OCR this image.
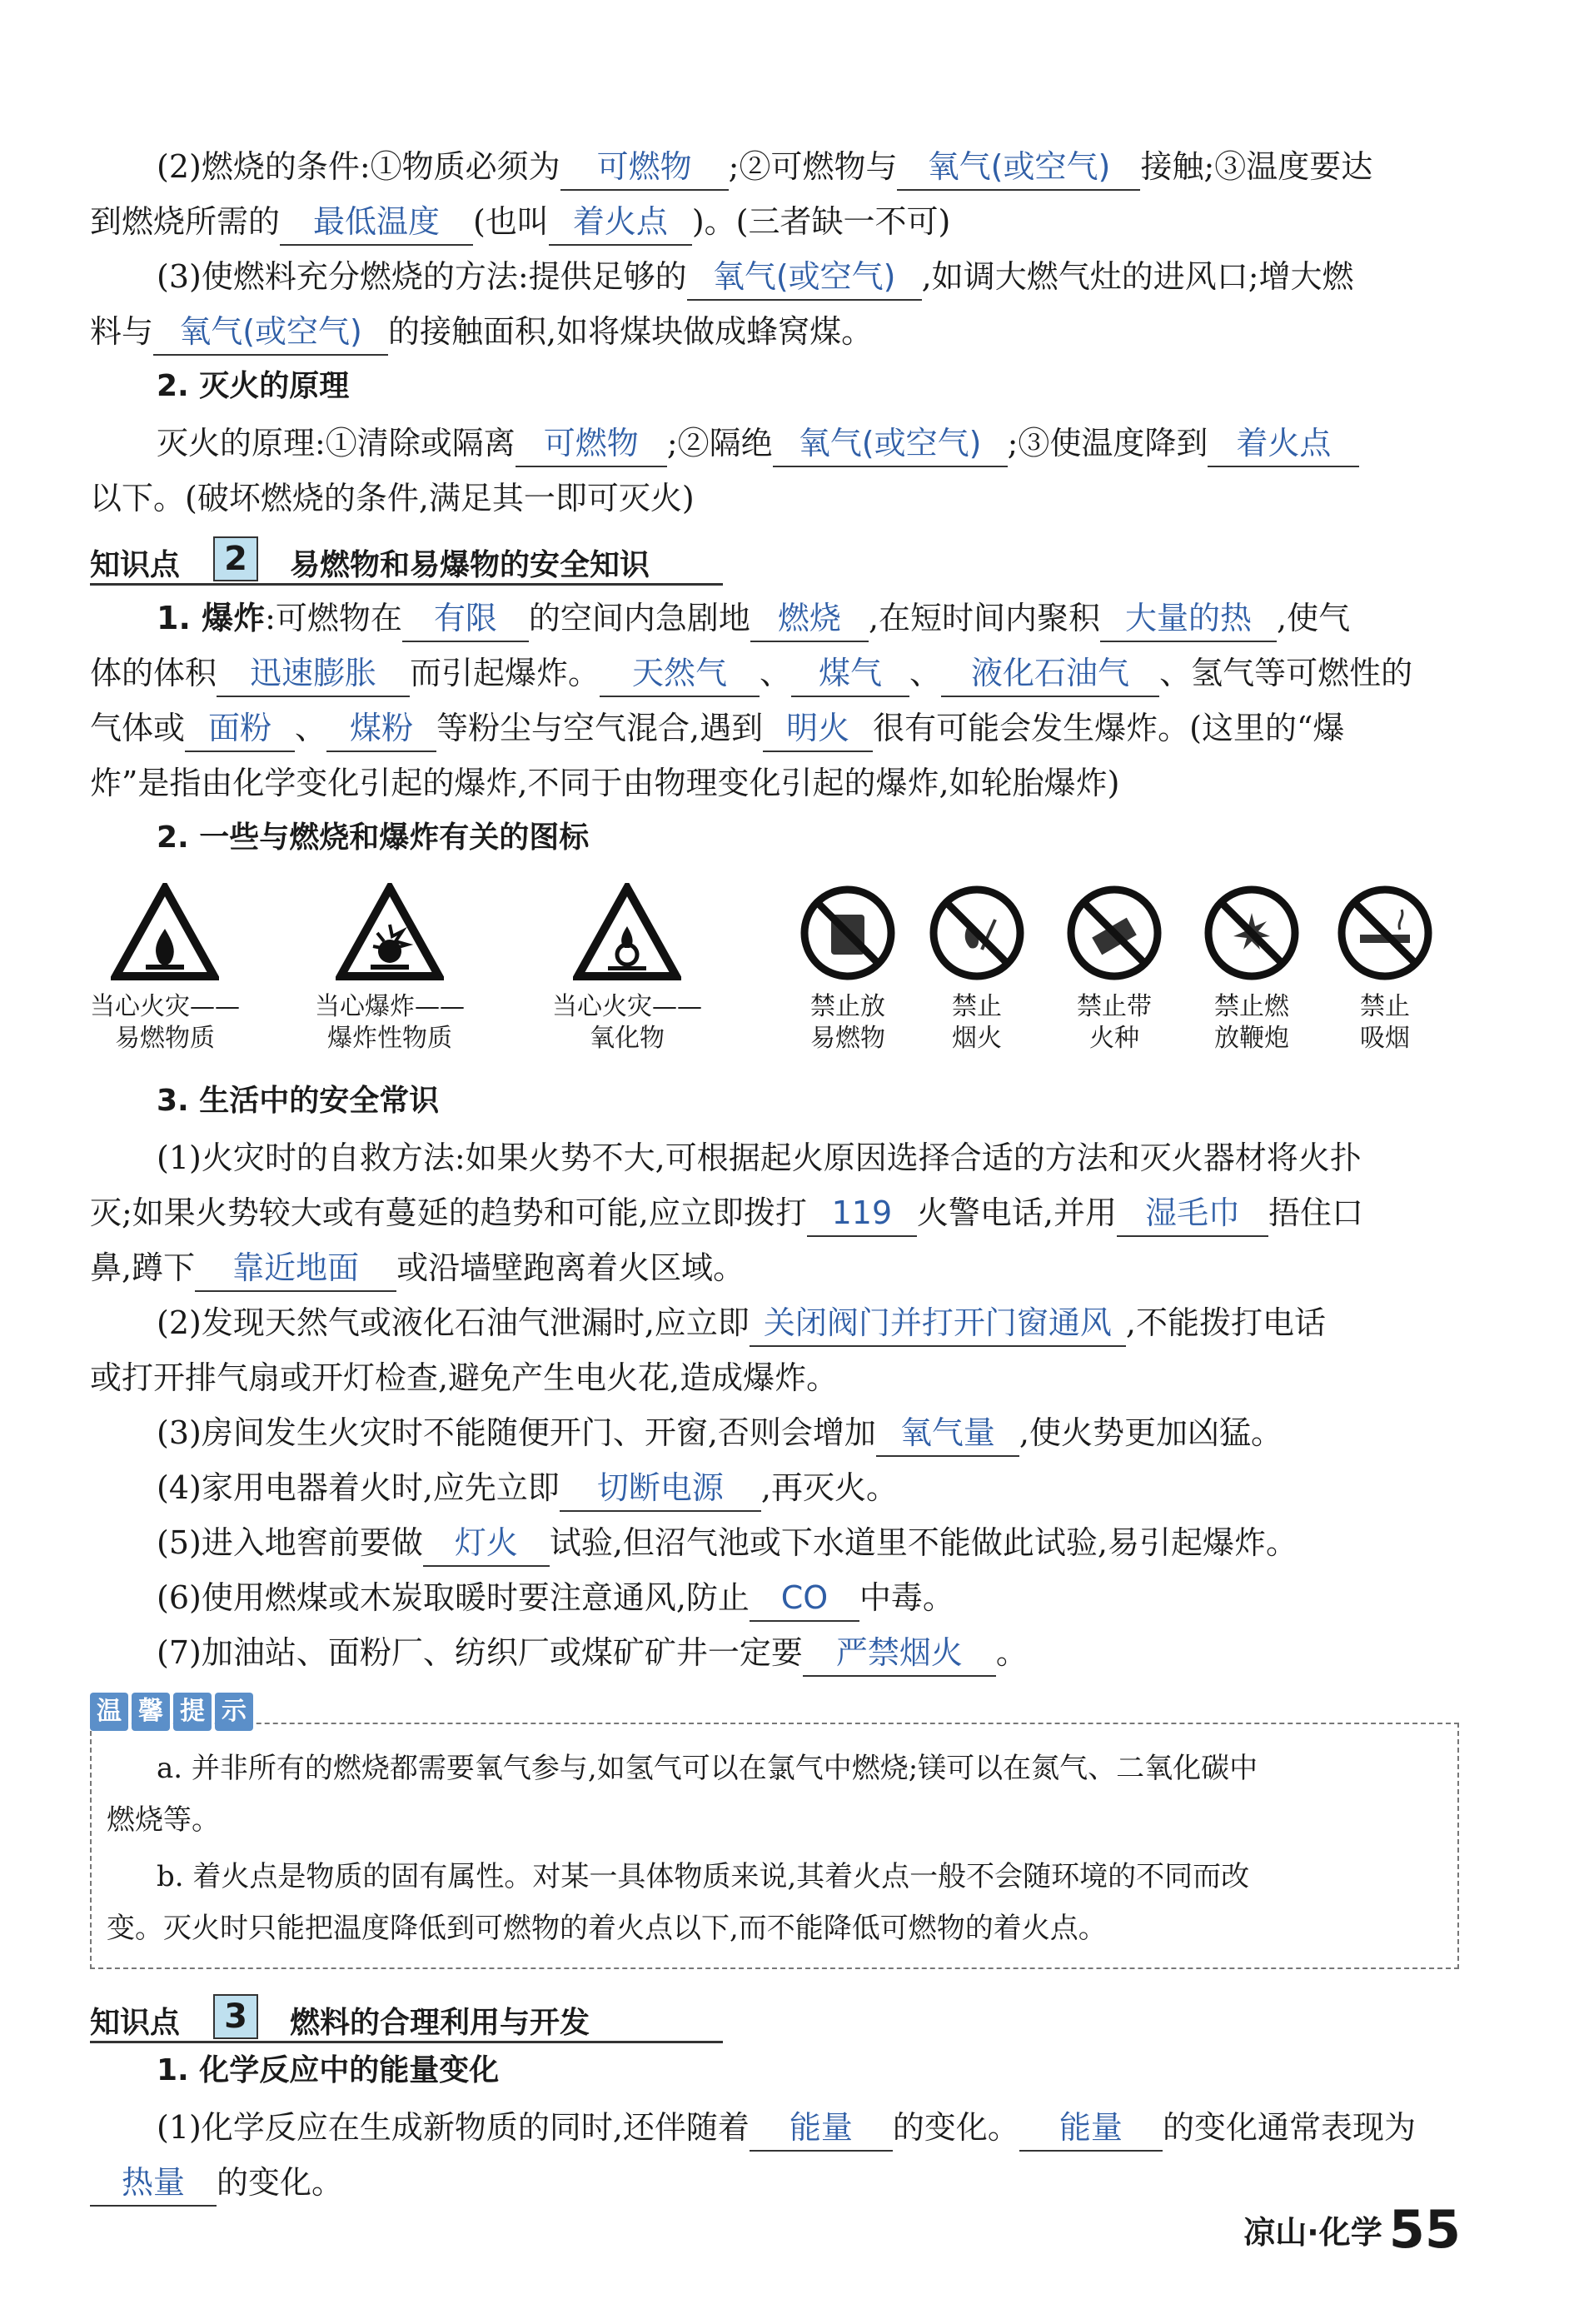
(2)燃烧的条件:①物质必须为 可燃物 ;②可燃物与 氧气(或空气) 接触;③温度要达
到燃烧所需的 最低温度 (也叫 着火点 )。(三者缺一不可)
(3)使燃料充分燃烧的方法:提供足够的 氧气(或空气) ,如调大燃气灶的进风口;增大燃
料与 氧气(或空气) 的接触面积,如将煤块做成蜂窝煤。
2. 灭火的原理
灭火的原理:①清除或隔离 可燃物 ;②隔绝 氧气(或空气) ;③使温度降到 着火点
以下。(破坏燃烧的条件,满足其一即可灭火)
知识点	2	易燃物和易爆物的安全知识
1. 爆炸:可燃物在 有限 的空间内急剧地 燃烧 ,在短时间内聚积 大量的热 ,使气
体的体积 迅速膨胀 而引起爆炸。 天然气 、 煤气 、 液化石油气 、氢气等可燃性的
气体或 面粉 、 煤粉 等粉尘与空气混合,遇到 明火 很有可能会发生爆炸。(这里的“爆
炸”是指由化学变化引起的爆炸,不同于由物理变化引起的爆炸,如轮胎爆炸)
2. 一些与燃烧和爆炸有关的图标
当心火灾——
易燃物质
当心爆炸——
爆炸性物质
当心火灾——
氧化物
禁止放
易燃物
禁止
烟火
禁止带
火种
禁止燃
放鞭炮
禁止
吸烟
3. 生活中的安全常识
(1)火灾时的自救方法:如果火势不大,可根据起火原因选择合适的方法和灭火器材将火扑
灭;如果火势较大或有蔓延的趋势和可能,应立即拨打 119 火警电话,并用 湿毛巾 捂住口
鼻,蹲下 靠近地面 或沿墙壁跑离着火区域。
(2)发现天然气或液化石油气泄漏时,应立即 关闭阀门并打开门窗通风 ,不能拨打电话
或打开排气扇或开灯检查,避免产生电火花,造成爆炸。
(3)房间发生火灾时不能随便开门、开窗,否则会增加 氧气量 ,使火势更加凶猛。
(4)家用电器着火时,应先立即 切断电源 ,再灭火。
(5)进入地窖前要做 灯火 试验,但沼气池或下水道里不能做此试验,易引起爆炸。
(6)使用燃煤或木炭取暖时要注意通风,防止 CO 中毒。
(7)加油站、面粉厂、纺织厂或煤矿矿井一定要 严禁烟火 。
温 馨 提 示
a. 并非所有的燃烧都需要氧气参与,如氢气可以在氯气中燃烧;镁可以在氮气、二氧化碳中
燃烧等。
b. 着火点是物质的固有属性。对某一具体物质来说,其着火点一般不会随环境的不同而改
变。灭火时只能把温度降低到可燃物的着火点以下,而不能降低可燃物的着火点。
知识点	3	燃料的合理利用与开发
1. 化学反应中的能量变化
(1)化学反应在生成新物质的同时,还伴随着 能量 的变化。 能量 的变化通常表现为
热量 的变化。
凉山·化学 55
